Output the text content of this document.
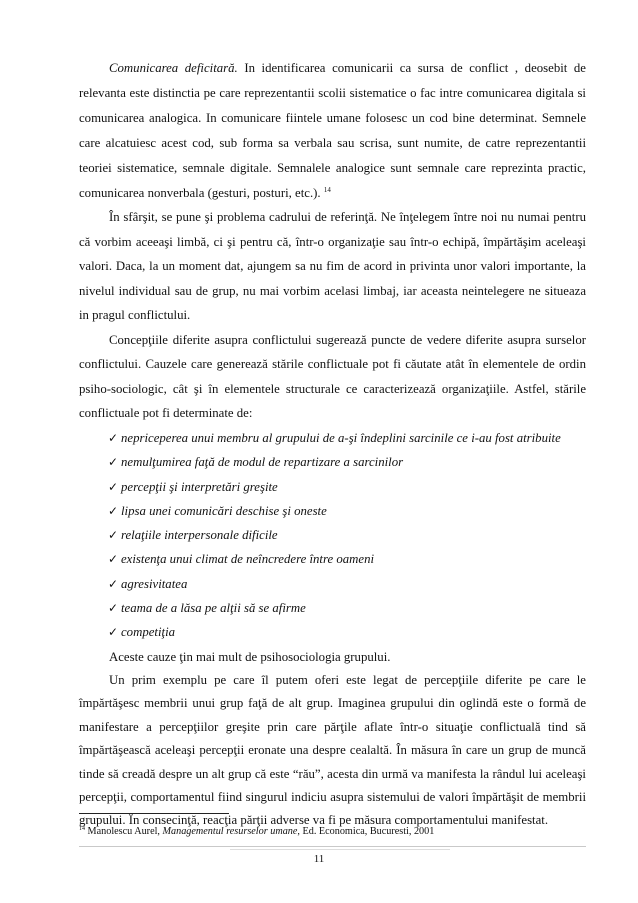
Comunicarea deficitară. In identificarea comunicarii ca sursa de conflict , deosebit de relevanta este distinctia pe care reprezentantii scolii sistematice o fac intre comunicarea digitala si comunicarea analogica. In comunicare fiintele umane folosesc un cod bine determinat. Semnele care alcatuiesc acest cod, sub forma sa verbala sau scrisa, sunt numite, de catre reprezentantii teoriei sistematice, semnale digitale. Semnalele analogice sunt semnale care reprezinta practic, comunicarea nonverbala (gesturi, posturi, etc.). $^{14}$

În sfârşit, se pune şi problema cadrului de referinţă. Ne înţelegem între noi nu numai pentru că vorbim aceeaşi limbă, ci şi pentru că, într-o organizaţie sau într-o echipă, împărtăşim aceleaşi valori. Daca, la un moment dat, ajungem sa nu fim de acord in privinta unor valori importante, la nivelul individual sau de grup, nu mai vorbim acelasi limbaj, iar aceasta neintelegere ne situeaza in pragul conflictului.

Concepţiile diferite asupra conflictului sugerează puncte de vedere diferite asupra surselor conflictului. Cauzele care generează stările conflictuale pot fi căutate atât în elementele de ordin psiho-sociologic, cât şi în elementele structurale ce caracterizează organizaţiile. Astfel, stările conflictuale pot fi determinate de:

✓ nepriceperea unui membru al grupului de a-şi îndeplini sarcinile ce i-au fost atribuite
✓ nemulţumirea faţă de modul de repartizare a sarcinilor
✓ percepţii şi interpretări greşite
✓ lipsa unei comunicări deschise şi oneste
✓ relaţiile interpersonale dificile
✓ existenţa unui climat de neîncredere între oameni
✓ agresivitatea
✓ teama de a lăsa pe alţii să se afirme
✓ competiţia

Aceste cauze ţin mai mult de psihosociologia grupului.

Un prim exemplu pe care îl putem oferi este legat de percepţiile diferite pe care le împărtăşesc membrii unui grup faţă de alt grup. Imaginea grupului din oglindă este o formă de manifestare a percepţiilor greşite prin care părţile aflate într-o situaţie conflictuală tind să împărtăşească aceleaşi percepţii eronate una despre cealaltă. În măsura în care un grup de muncă tinde să creadă despre un alt grup că este “rău”, acesta din urmă va manifesta la rândul lui aceleaşi percepţii, comportamentul fiind singurul indiciu asupra sistemului de valori împărtăşit de membrii grupului. În consecinţă, reacţia părţii adverse va fi pe măsura comportamentului manifestat.

$^{14}$ Manolescu Aurel, Managementul resurselor umane, Ed. Economica, Bucuresti, 2001
11
